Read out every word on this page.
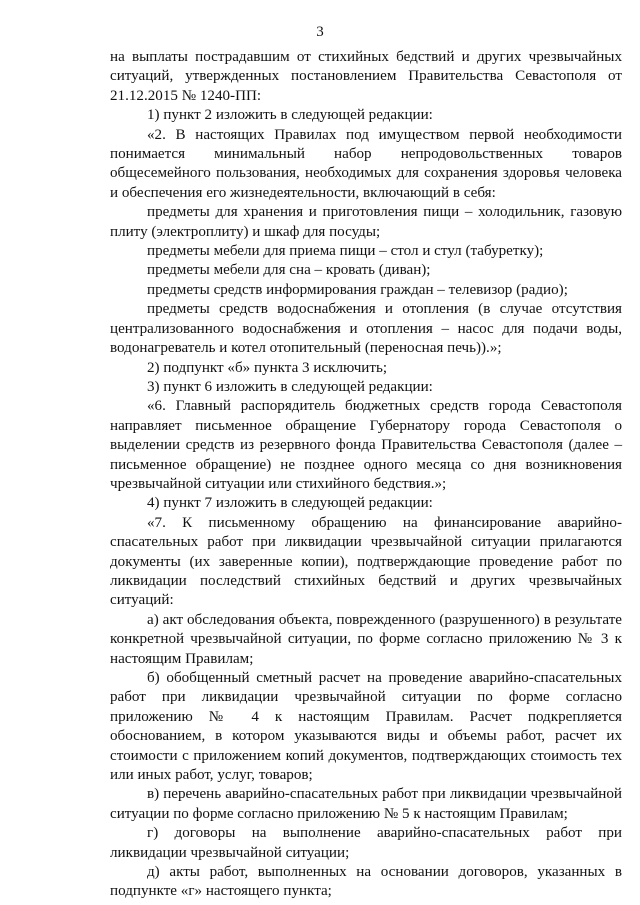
3

на выплаты пострадавшим от стихийных бедствий и других чрезвычайных ситуаций, утвержденных постановлением Правительства Севастополя от 21.12.2015 № 1240-ПП:

1) пункт 2 изложить в следующей редакции:

«2. В настоящих Правилах под имуществом первой необходимости понимается минимальный набор непродовольственных товаров общесемейного пользования, необходимых для сохранения здоровья человека и обеспечения его жизнедеятельности, включающий в себя:

предметы для хранения и приготовления пищи – холодильник, газовую плиту (электроплиту) и шкаф для посуды;

предметы мебели для приема пищи – стол и стул (табуретку);

предметы мебели для сна – кровать (диван);

предметы средств информирования граждан – телевизор (радио);

предметы средств водоснабжения и отопления (в случае отсутствия централизованного водоснабжения и отопления – насос для подачи воды, водонагреватель и котел отопительный (переносная печь)).»;

2) подпункт «б» пункта 3 исключить;

3) пункт 6 изложить в следующей редакции:

«6. Главный распорядитель бюджетных средств города Севастополя направляет письменное обращение Губернатору города Севастополя о выделении средств из резервного фонда Правительства Севастополя (далее – письменное обращение) не позднее одного месяца со дня возникновения чрезвычайной ситуации или стихийного бедствия.»;

4) пункт 7 изложить в следующей редакции:

«7. К письменному обращению на финансирование аварийно-спасательных работ при ликвидации чрезвычайной ситуации прилагаются документы (их заверенные копии), подтверждающие проведение работ по ликвидации последствий стихийных бедствий и других чрезвычайных ситуаций:

а) акт обследования объекта, поврежденного (разрушенного) в результате конкретной чрезвычайной ситуации, по форме согласно приложению № 3 к настоящим Правилам;

б) обобщенный сметный расчет на проведение аварийно-спасательных работ при ликвидации чрезвычайной ситуации по форме согласно приложению № 4 к настоящим Правилам. Расчет подкрепляется обоснованием, в котором указываются виды и объемы работ, расчет их стоимости с приложением копий документов, подтверждающих стоимость тех или иных работ, услуг, товаров;

в) перечень аварийно-спасательных работ при ликвидации чрезвычайной ситуации по форме согласно приложению № 5 к настоящим Правилам;

г) договоры на выполнение аварийно-спасательных работ при ликвидации чрезвычайной ситуации;

д) акты работ, выполненных на основании договоров, указанных в подпункте «г» настоящего пункта;
